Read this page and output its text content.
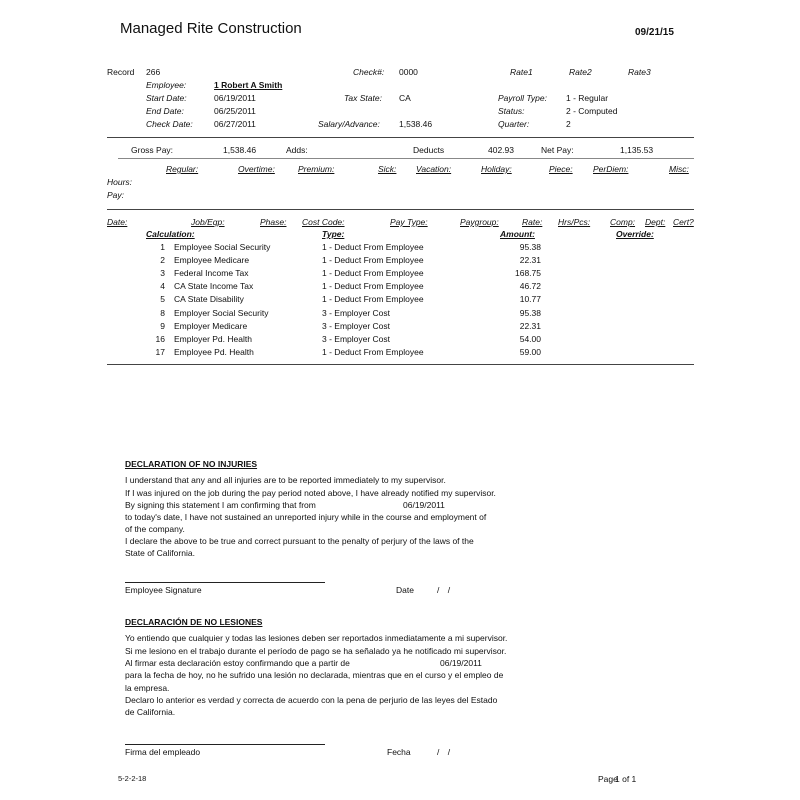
Managed Rite Construction	09/21/15
Record 266
Employee:	1 Robert A Smith
Check#: 0000	Rate1	Rate2	Rate3
Start Date:	06/19/2011	Tax State: CA	Payroll Type: 1 - Regular
End Date:	06/25/2011	Status:	2 - Computed
Check Date: 06/27/2011	Salary/Advance: 1,538.46	Quarter:	2
Gross Pay:	1,538.46	Adds:	Deducts	402.93	Net Pay:	1,135.53
Regular:	Overtime:	Premium:	Sick: Vacation:	Holiday:	Piece: PerDiem:	Misc:
Hours:
Pay:
Date:	Job/Eqp:	Phase: Cost Code:	Pay Type:	Paygroup:	Rate: Hrs/Pcs: Comp: Dept: Cert?
Calculation:	Type:	Amount:	Override:
1 Employee Social Security	1 - Deduct From Employee	95.38
2 Employee Medicare	1 - Deduct From Employee	22.31
3 Federal Income Tax	1 - Deduct From Employee	168.75
4 CA State Income Tax	1 - Deduct From Employee	46.72
5 CA State Disability	1 - Deduct From Employee	10.77
8 Employer Social Security	3 - Employer Cost	95.38
9 Employer Medicare	3 - Employer Cost	22.31
16 Employer Pd. Health	3 - Employer Cost	54.00
17 Employee Pd. Health	1 - Deduct From Employee	59.00
DECLARATION OF NO INJURIES
I understand that any and all injuries are to be reported immediately to my supervisor.
If I was injured on the job during the pay period noted above, I have already notified my supervisor.
By signing this statement I am confirming that from	06/19/2011
to today's date, I have not sustained an unreported injury while in the course and employment of
of the company.
I declare the above to be true and correct pursuant to the penalty of perjury of the laws of the
State of California.
Employee Signature	Date	/ /
DECLARACIÓN DE NO LESIONES
Yo entiendo que cualquier y todas las lesiones deben ser reportados inmediatamente a mi supervisor.
Si me lesiono en el trabajo durante el período de pago se ha señalado ya he notificado mi supervisor.
Al firmar esta declaración estoy confirmando que a partir de	06/19/2011
para la fecha de hoy, no he sufrido una lesión no declarada, mientras que en el curso y el empleo de
la empresa.
Declaro lo anterior es verdad y correcta de acuerdo con la pena de perjurio de las leyes del Estado
de California.
Firma del empleado	Fecha	/ /
5-2-2-18	Page
1 of 1
